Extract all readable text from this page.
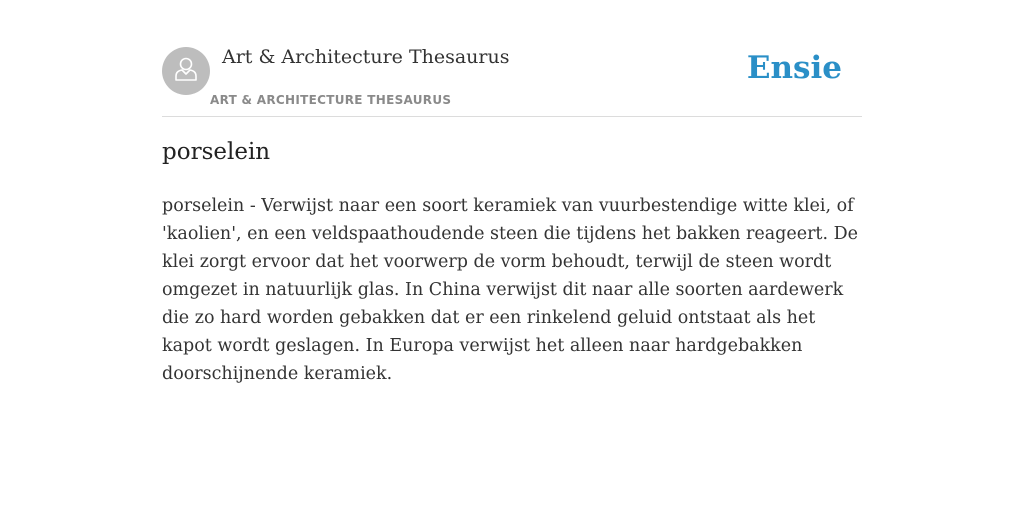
Art & Architecture Thesaurus
ART & ARCHITECTURE THESAURUS
Ensie
porselein

porselein - Verwijst naar een soort keramiek van vuurbestendige witte klei, of 'kaolien', en een veldspaathoudende steen die tijdens het bakken reageert. De klei zorgt ervoor dat het voorwerp de vorm behoudt, terwijl de steen wordt omgezet in natuurlijk glas. In China verwijst dit naar alle soorten aardewerk die zo hard worden gebakken dat er een rinkelend geluid ontstaat als het kapot wordt geslagen. In Europa verwijst het alleen naar hardgebakken doorschijnende keramiek.
